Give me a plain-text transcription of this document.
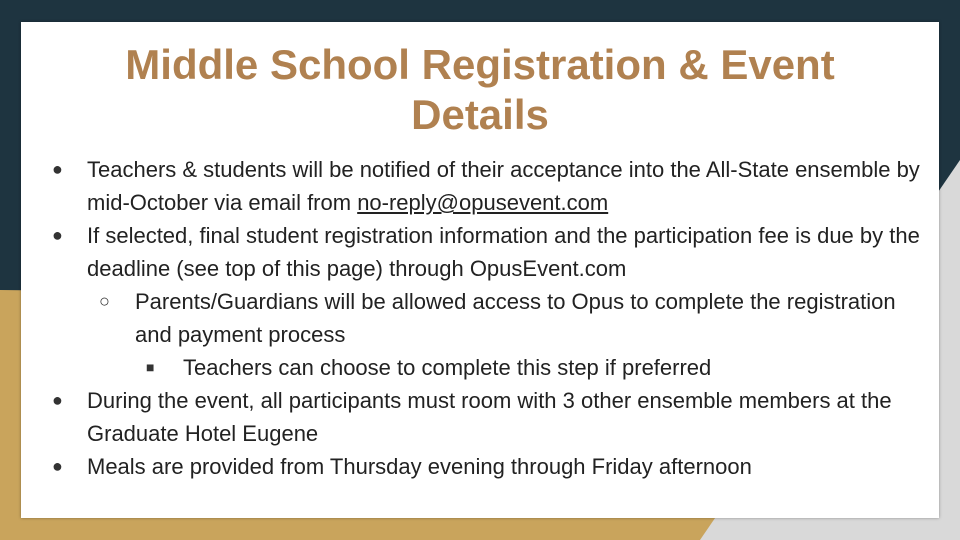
Middle School Registration & Event
Details
● Teachers & students will be notified of their acceptance into the All-State ensemble by mid-October via email from no-reply@opusevent.com
● If selected, final student registration information and the participation fee is due by the deadline (see top of this page) through OpusEvent.com
○ Parents/Guardians will be allowed access to Opus to complete the registration and payment process
■ Teachers can choose to complete this step if preferred
● During the event, all participants must room with 3 other ensemble members at the Graduate Hotel Eugene
● Meals are provided from Thursday evening through Friday afternoon
